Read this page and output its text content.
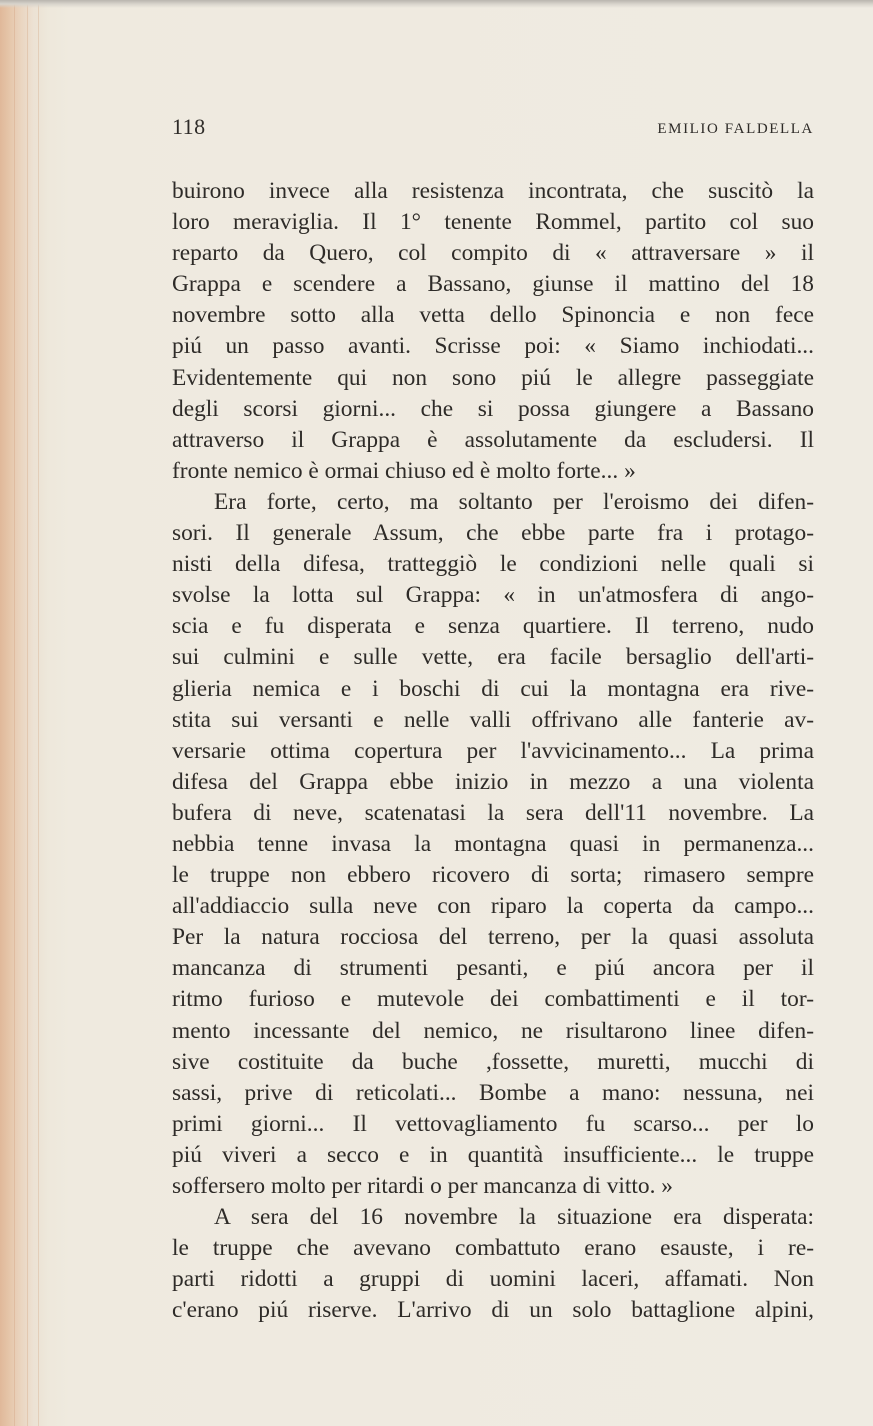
118	EMILIO FALDELLA
buirono invece alla resistenza incontrata, che suscitò la
loro meraviglia. Il 1° tenente Rommel, partito col suo
reparto da Quero, col compito di « attraversare » il
Grappa e scendere a Bassano, giunse il mattino del 18
novembre sotto alla vetta dello Spinoncia e non fece
piú un passo avanti. Scrisse poi: « Siamo inchiodati...
Evidentemente qui non sono piú le allegre passeggiate
degli scorsi giorni... che si possa giungere a Bassano
attraverso il Grappa è assolutamente da escludersi. Il
fronte nemico è ormai chiuso ed è molto forte... »
Era forte, certo, ma soltanto per l'eroismo dei difen-
sori. Il generale Assum, che ebbe parte fra i protago-
nisti della difesa, tratteggiò le condizioni nelle quali si
svolse la lotta sul Grappa: « in un'atmosfera di ango-
scia e fu disperata e senza quartiere. Il terreno, nudo
sui culmini e sulle vette, era facile bersaglio dell'arti-
glieria nemica e i boschi di cui la montagna era rive-
stita sui versanti e nelle valli offrivano alle fanterie av-
versarie ottima copertura per l'avvicinamento... La prima
difesa del Grappa ebbe inizio in mezzo a una violenta
bufera di neve, scatenatasi la sera dell'11 novembre. La
nebbia tenne invasa la montagna quasi in permanenza...
le truppe non ebbero ricovero di sorta; rimasero sempre
all'addiaccio sulla neve con riparo la coperta da campo...
Per la natura rocciosa del terreno, per la quasi assoluta
mancanza di strumenti pesanti, e piú ancora per il
ritmo furioso e mutevole dei combattimenti e il tor-
mento incessante del nemico, ne risultarono linee difen-
sive costituite da buche ,fossette, muretti, mucchi di
sassi, prive di reticolati... Bombe a mano: nessuna, nei
primi giorni... Il vettovagliamento fu scarso... per lo
piú viveri a secco e in quantità insufficiente... le truppe
soffersero molto per ritardi o per mancanza di vitto. »
A sera del 16 novembre la situazione era disperata:
le truppe che avevano combattuto erano esauste, i re-
parti ridotti a gruppi di uomini laceri, affamati. Non
c'erano piú riserve. L'arrivo di un solo battaglione alpini,
